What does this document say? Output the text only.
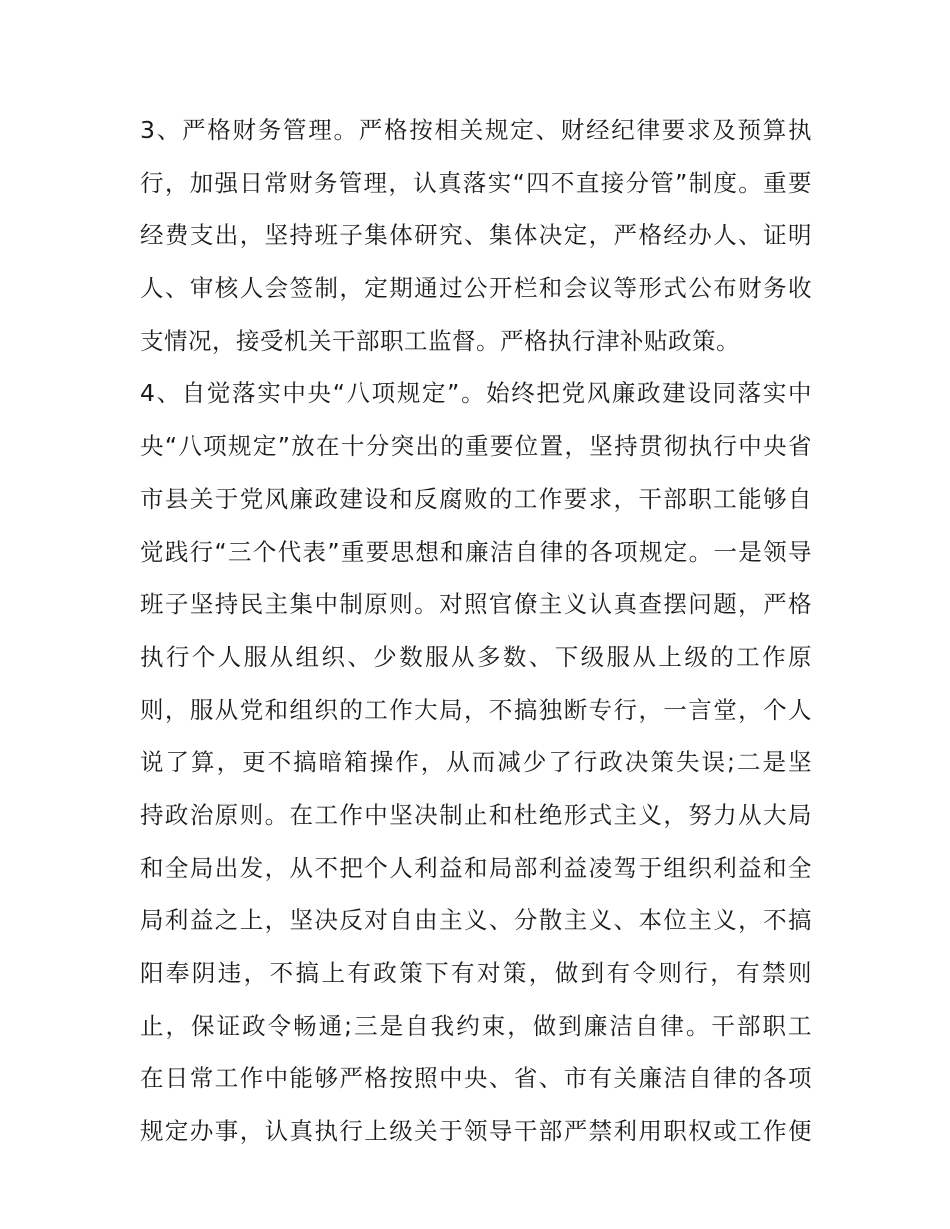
3、严格财务管理。严格按相关规定、财经纪律要求及预算执
行，加强日常财务管理，认真落实“四不直接分管”制度。重要
经费支出，坚持班子集体研究、集体决定，严格经办人、证明
人、审核人会签制，定期通过公开栏和会议等形式公布财务收
支情况，接受机关干部职工监督。严格执行津补贴政策。
4、自觉落实中央“八项规定”。始终把党风廉政建设同落实中
央“八项规定”放在十分突出的重要位置，坚持贯彻执行中央省
市县关于党风廉政建设和反腐败的工作要求，干部职工能够自
觉践行“三个代表”重要思想和廉洁自律的各项规定。一是领导
班子坚持民主集中制原则。对照官僚主义认真查摆问题，严格
执行个人服从组织、少数服从多数、下级服从上级的工作原
则，服从党和组织的工作大局，不搞独断专行，一言堂，个人
说了算，更不搞暗箱操作，从而减少了行政决策失误;二是坚
持政治原则。在工作中坚决制止和杜绝形式主义，努力从大局
和全局出发，从不把个人利益和局部利益凌驾于组织利益和全
局利益之上，坚决反对自由主义、分散主义、本位主义，不搞
阳奉阴违，不搞上有政策下有对策，做到有令则行，有禁则
止，保证政令畅通;三是自我约束，做到廉洁自律。干部职工
在日常工作中能够严格按照中央、省、市有关廉洁自律的各项
规定办事，认真执行上级关于领导干部严禁利用职权或工作便
